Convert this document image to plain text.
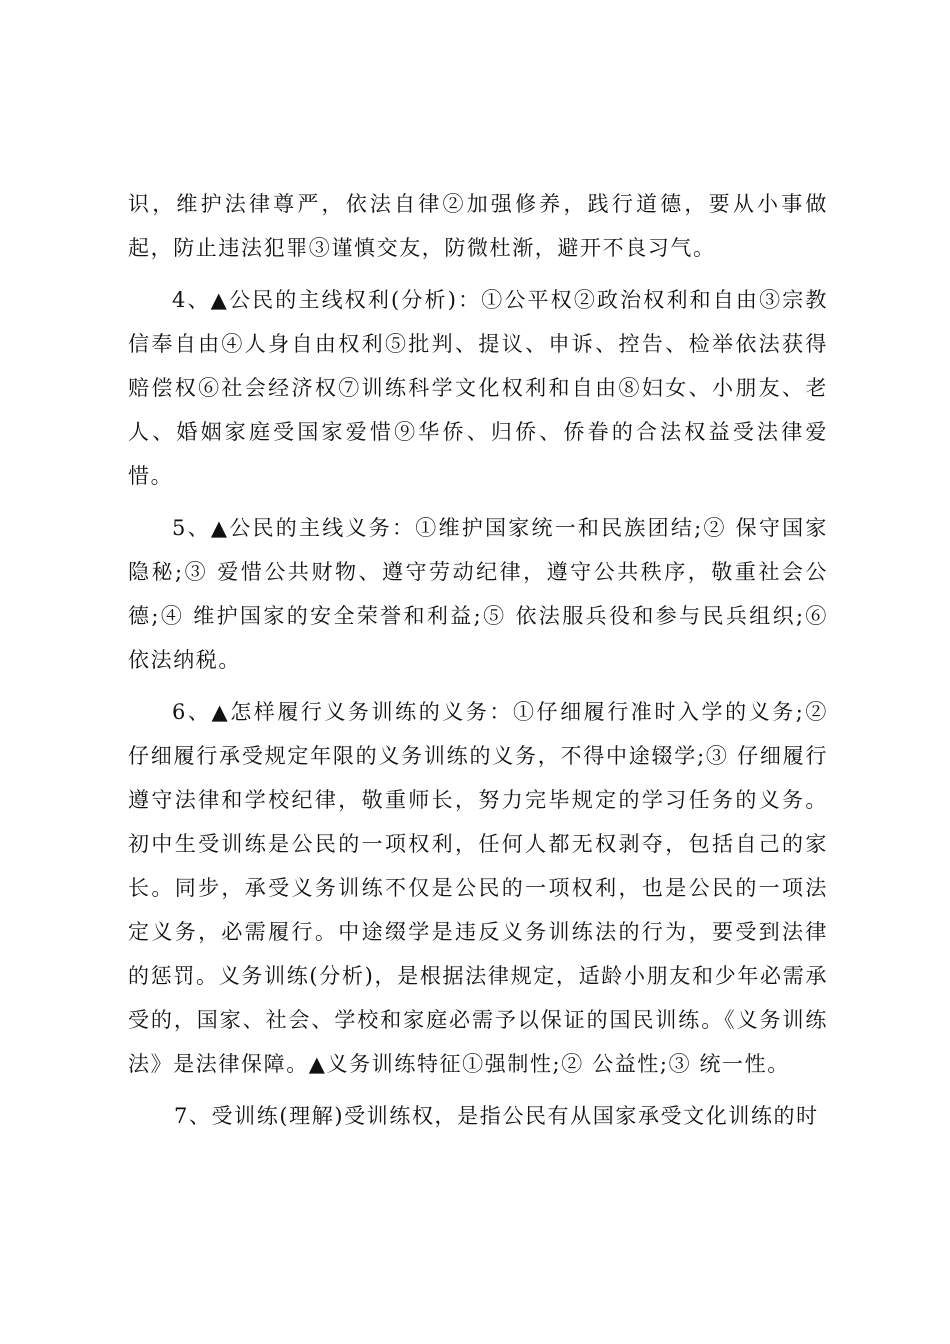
识，维护法律尊严，依法自律②加强修养，践行道德，要从小事做起，防止违法犯罪③谨慎交友，防微杜渐，避开不良习气。

4、▲公民的主线权利(分析)：①公平权②政治权利和自由③宗教信奉自由④人身自由权利⑤批判、提议、申诉、控告、检举依法获得赔偿权⑥社会经济权⑦训练科学文化权利和自由⑧妇女、小朋友、老人、婚姻家庭受国家爱惜⑨华侨、归侨、侨眷的合法权益受法律爱惜。

5、▲公民的主线义务：①维护国家统一和民族团结;② 保守国家隐秘;③ 爱惜公共财物、遵守劳动纪律，遵守公共秩序，敬重社会公德;④ 维护国家的安全荣誉和利益;⑤ 依法服兵役和参与民兵组织;⑥ 依法纳税。

6、▲怎样履行义务训练的义务：①仔细履行准时入学的义务;② 仔细履行承受规定年限的义务训练的义务，不得中途辍学;③ 仔细履行遵守法律和学校纪律，敬重师长，努力完毕规定的学习任务的义务。初中生受训练是公民的一项权利，任何人都无权剥夺，包括自己的家长。同步，承受义务训练不仅是公民的一项权利，也是公民的一项法定义务，必需履行。中途缀学是违反义务训练法的行为，要受到法律的惩罚。义务训练(分析)，是根据法律规定，适龄小朋友和少年必需承受的，国家、社会、学校和家庭必需予以保证的国民训练。《义务训练法》是法律保障。▲义务训练特征①强制性;② 公益性;③ 统一性。

7、受训练(理解)受训练权，是指公民有从国家承受文化训练的时
